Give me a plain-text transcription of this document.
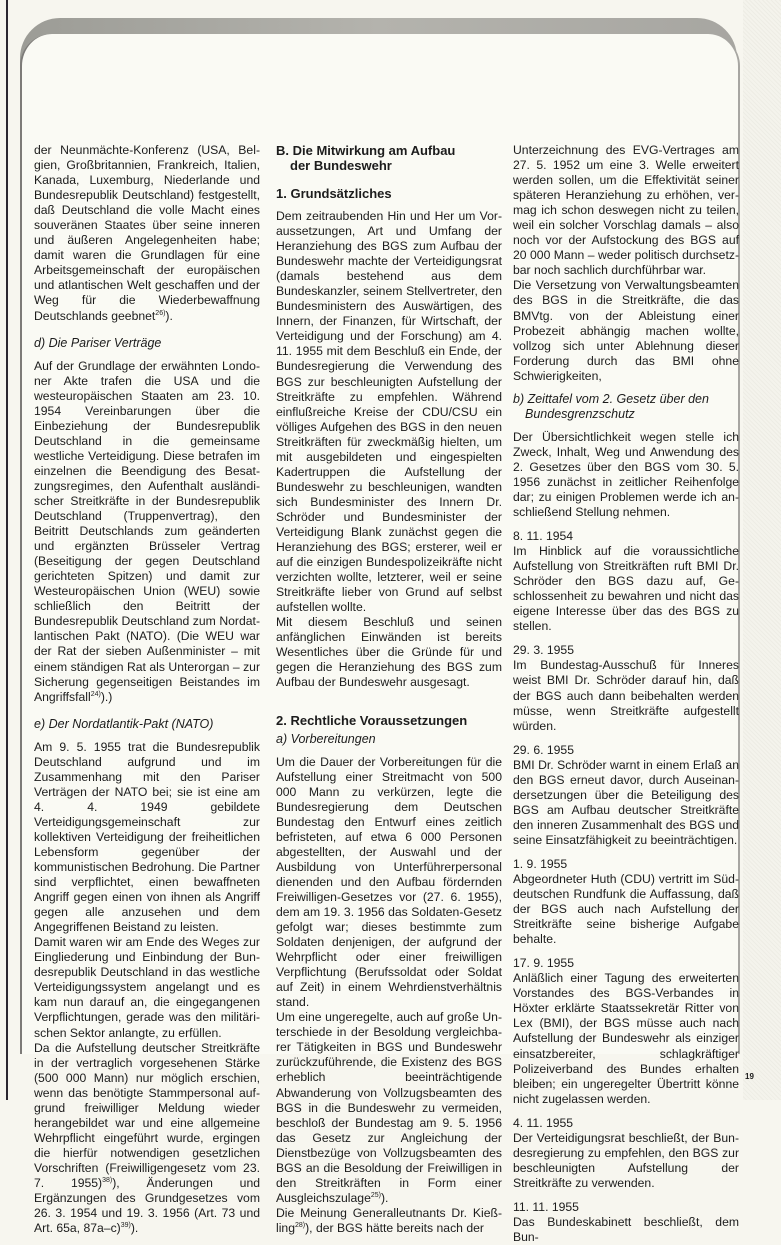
der Neunmächte-Konferenz (USA, Belgien, Großbritannien, Frankreich, Italien, Kanada, Luxemburg, Niederlande und Bundesrepublik Deutschland) festgestellt, daß Deutschland die volle Macht eines souveränen Staates über seine inneren und äußeren Angelegenheiten habe; damit waren die Grundlagen für eine Arbeitsgemeinschaft der europäischen und atlantischen Welt geschaffen und der Weg für die Wiederbewaffnung Deutschlands geebnet$^{26)}$).

d) Die Pariser Verträge

Auf der Grundlage der erwähnten Londoner Akte trafen die USA und die westeuropäischen Staaten am 23. 10. 1954 Vereinbarungen über die Einbeziehung der Bundesrepublik Deutschland in die gemeinsame westliche Verteidigung. Diese betrafen im einzelnen die Beendigung des Besatzungsregimes, den Aufenthalt ausländischer Streitkräfte in der Bundesrepublik Deutschland (Truppenvertrag), den Beitritt Deutschlands zum geänderten und ergänzten Brüsseler Vertrag (Beseitigung der gegen Deutschland gerichteten Spitzen) und damit zur Westeuropäischen Union (WEU) sowie schließlich den Beitritt der Bundesrepublik Deutschland zum Nordatlantischen Pakt (NATO). (Die WEU war der Rat der sieben Außenminister – mit einem ständigen Rat als Unterorgan – zur Sicherung gegenseitigen Beistandes im Angriffsfall$^{24)}$).)

e) Der Nordatlantik-Pakt (NATO)

Am 9. 5. 1955 trat die Bundesrepublik Deutschland aufgrund und im Zusammenhang mit den Pariser Verträgen der NATO bei; sie ist eine am 4. 4. 1949 gebildete Verteidigungsgemeinschaft zur kollektiven Verteidigung der freiheitlichen Lebensform gegenüber der kommunistischen Bedrohung. Die Partner sind verpflichtet, einen bewaffneten Angriff gegen einen von ihnen als Angriff gegen alle anzusehen und dem Angegriffenen Beistand zu leisten.

Damit waren wir am Ende des Weges zur Eingliederung und Einbindung der Bundesrepublik Deutschland in das westliche Verteidigungssystem angelangt und es kam nun darauf an, die eingegangenen Verpflichtungen, gerade was den militärischen Sektor anlangte, zu erfüllen.

Da die Aufstellung deutscher Streitkräfte in der vertraglich vorgesehenen Stärke (500 000 Mann) nur möglich erschien, wenn das benötigte Stammpersonal aufgrund freiwilliger Meldung wieder herangebildet war und eine allgemeine Wehrpflicht eingeführt wurde, ergingen die hierfür notwendigen gesetzlichen Vorschriften (Freiwilligengesetz vom 23. 7. 1955)$^{38)}$), Änderungen und Ergänzungen des Grundgesetzes vom 26. 3. 1954 und 19. 3. 1956 (Art. 73 und Art. 65a, 87a–c)$^{39)}$).

B. Die Mitwirkung am Aufbau
der Bundeswehr
1. Grundsätzliches

Dem zeitraubenden Hin und Her um Voraussetzungen, Art und Umfang der Heranziehung des BGS zum Aufbau der Bundeswehr machte der Verteidigungsrat (damals bestehend aus dem Bundeskanzler, seinem Stellvertreter, den Bundesministern des Auswärtigen, des Innern, der Finanzen, für Wirtschaft, der Verteidigung und der Forschung) am 4. 11. 1955 mit dem Beschluß ein Ende, der Bundesregierung die Verwendung des BGS zur beschleunigten Aufstellung der Streitkräfte zu empfehlen. Während einflußreiche Kreise der CDU/CSU ein völliges Aufgehen des BGS in den neuen Streitkräften für zweckmäßig hielten, um mit ausgebildeten und eingespielten Kadertruppen die Aufstellung der Bundeswehr zu beschleunigen, wandten sich Bundesminister des Innern Dr. Schröder und Bundesminister der Verteidigung Blank zunächst gegen die Heranziehung des BGS; ersterer, weil er auf die einzigen Bundespolizeikräfte nicht verzichten wollte, letzterer, weil er seine Streitkräfte lieber von Grund auf selbst aufstellen wollte.

Mit diesem Beschluß und seinen anfänglichen Einwänden ist bereits Wesentliches über die Gründe für und gegen die Heranziehung des BGS zum Aufbau der Bundeswehr ausgesagt.

2. Rechtliche Voraussetzungen
a) Vorbereitungen

Um die Dauer der Vorbereitungen für die Aufstellung einer Streitmacht von 500 000 Mann zu verkürzen, legte die Bundesregierung dem Deutschen Bundestag den Entwurf eines zeitlich befristeten, auf etwa 6 000 Personen abgestellten, der Auswahl und der Ausbildung von Unterführerpersonal dienenden und den Aufbau fördernden Freiwilligen-Gesetzes vor (27. 6. 1955), dem am 19. 3. 1956 das Soldaten-Gesetz gefolgt war; dieses bestimmte zum Soldaten denjenigen, der aufgrund der Wehrpflicht oder einer freiwilligen Verpflichtung (Berufssoldat oder Soldat auf Zeit) in einem Wehrdienstverhältnis stand.

Um eine ungeregelte, auch auf große Unterschiede in der Besoldung vergleichbarer Tätigkeiten in BGS und Bundeswehr zurückzuführende, die Existenz des BGS erheblich beeinträchtigende Abwanderung von Vollzugsbeamten des BGS in die Bundeswehr zu vermeiden, beschloß der Bundestag am 9. 5. 1956 das Gesetz zur Angleichung der Dienstbezüge von Vollzugsbeamten des BGS an die Besoldung der Freiwilligen in den Streitkräften in Form einer Ausgleichszulage$^{25)}$).

Die Meinung Generalleutnants Dr. Kießling$^{28)}$), der BGS hätte bereits nach der

Unterzeichnung des EVG-Vertrages am 27. 5. 1952 um eine 3. Welle erweitert werden sollen, um die Effektivität seiner späteren Heranziehung zu erhöhen, vermag ich schon deswegen nicht zu teilen, weil ein solcher Vorschlag damals – also noch vor der Aufstockung des BGS auf 20 000 Mann – weder politisch durchsetzbar noch sachlich durchführbar war.

Die Versetzung von Verwaltungsbeamten des BGS in die Streitkräfte, die das BMVtg. von der Ableistung einer Probezeit abhängig machen wollte, vollzog sich unter Ablehnung dieser Forderung durch das BMI ohne Schwierigkeiten,

b) Zeittafel vom 2. Gesetz über den
Bundesgrenzschutz

Der Übersichtlichkeit wegen stelle ich Zweck, Inhalt, Weg und Anwendung des 2. Gesetzes über den BGS vom 30. 5. 1956 zunächst in zeitlicher Reihenfolge dar; zu einigen Problemen werde ich anschließend Stellung nehmen.

8. 11. 1954

Im Hinblick auf die voraussichtliche Aufstellung von Streitkräften ruft BMI Dr. Schröder den BGS dazu auf, Geschlossenheit zu bewahren und nicht das eigene Interesse über das des BGS zu stellen.

29. 3. 1955

Im Bundestag-Ausschuß für Inneres weist BMI Dr. Schröder darauf hin, daß der BGS auch dann beibehalten werden müsse, wenn Streitkräfte aufgestellt würden.

29. 6. 1955

BMI Dr. Schröder warnt in einem Erlaß an den BGS erneut davor, durch Auseinandersetzungen über die Beteiligung des BGS am Aufbau deutscher Streitkräfte den inneren Zusammenhalt des BGS und seine Einsatzfähigkeit zu beeinträchtigen.

1. 9. 1955

Abgeordneter Huth (CDU) vertritt im Süddeutschen Rundfunk die Auffassung, daß der BGS auch nach Aufstellung der Streitkräfte seine bisherige Aufgabe behalte.

17. 9. 1955

Anläßlich einer Tagung des erweiterten Vorstandes des BGS-Verbandes in Höxter erklärte Staatssekretär Ritter von Lex (BMI), der BGS müsse auch nach Aufstellung der Bundeswehr als einziger einsatzbereiter, schlagkräftiger Polizeiverband des Bundes erhalten bleiben; ein ungeregelter Übertritt könne nicht zugelassen werden.

4. 11. 1955

Der Verteidigungsrat beschließt, der Bundesregierung zu empfehlen, den BGS zur beschleunigten Aufstellung der Streitkräfte zu verwenden.

11. 11. 1955

Das Bundeskabinett beschließt, dem Bun-

19
